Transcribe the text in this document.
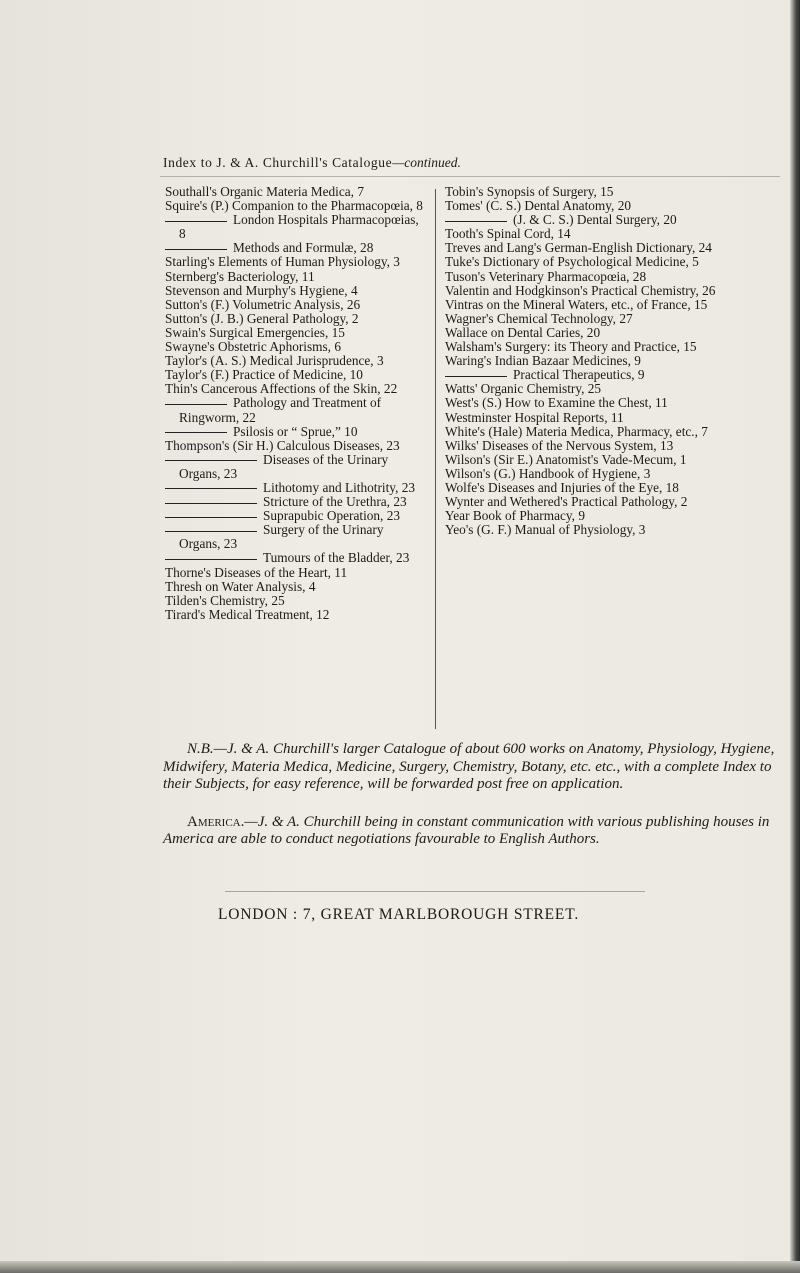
Index to J. & A. Churchill's Catalogue—continued.
Southall's Organic Materia Medica, 7
Squire's (P.) Companion to the Pharmacopœia, 8
London Hospitals Pharmacopœias, 8
Methods and Formulæ, 28
Starling's Elements of Human Physiology, 3
Sternberg's Bacteriology, 11
Stevenson and Murphy's Hygiene, 4
Sutton's (F.) Volumetric Analysis, 26
Sutton's (J. B.) General Pathology, 2
Swain's Surgical Emergencies, 15
Swayne's Obstetric Aphorisms, 6
Taylor's (A. S.) Medical Jurisprudence, 3
Taylor's (F.) Practice of Medicine, 10
Thin's Cancerous Affections of the Skin, 22
Pathology and Treatment of Ringworm, 22
Psilosis or “ Sprue,” 10
Thompson's (Sir H.) Calculous Diseases, 23
Diseases of the Urinary Organs, 23
Lithotomy and Lithotrity, 23
Stricture of the Urethra, 23
Suprapubic Operation, 23
Surgery of the Urinary Organs, 23
Tumours of the Bladder, 23
Thorne's Diseases of the Heart, 11
Thresh on Water Analysis, 4
Tilden's Chemistry, 25
Tirard's Medical Treatment, 12
Tobin's Synopsis of Surgery, 15
Tomes' (C. S.) Dental Anatomy, 20
(J. & C. S.) Dental Surgery, 20
Tooth's Spinal Cord, 14
Treves and Lang's German-English Dictionary, 24
Tuke's Dictionary of Psychological Medicine, 5
Tuson's Veterinary Pharmacopœia, 28
Valentin and Hodgkinson's Practical Chemistry, 26
Vintras on the Mineral Waters, etc., of France, 15
Wagner's Chemical Technology, 27
Wallace on Dental Caries, 20
Walsham's Surgery: its Theory and Practice, 15
Waring's Indian Bazaar Medicines, 9
Practical Therapeutics, 9
Watts' Organic Chemistry, 25
West's (S.) How to Examine the Chest, 11
Westminster Hospital Reports, 11
White's (Hale) Materia Medica, Pharmacy, etc., 7
Wilks' Diseases of the Nervous System, 13
Wilson's (Sir E.) Anatomist's Vade-Mecum, 1
Wilson's (G.) Handbook of Hygiene, 3
Wolfe's Diseases and Injuries of the Eye, 18
Wynter and Wethered's Practical Pathology, 2
Year Book of Pharmacy, 9
Yeo's (G. F.) Manual of Physiology, 3

N.B.—J. & A. Churchill's larger Catalogue of about 600 works on Anatomy, Physiology, Hygiene, Midwifery, Materia Medica, Medicine, Surgery, Chemistry, Botany, etc. etc., with a complete Index to their Subjects, for easy reference, will be forwarded post free on application.

America.—J. & A. Churchill being in constant communication with various publishing houses in America are able to conduct negotiations favourable to English Authors.

LONDON : 7, GREAT MARLBOROUGH STREET.
